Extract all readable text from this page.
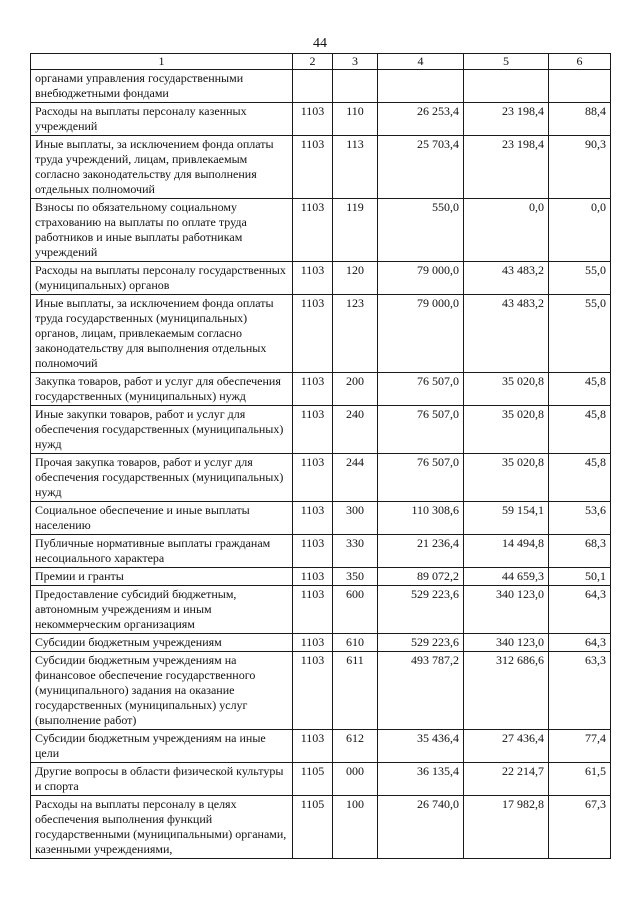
44
1	2	3	4	5	6
органами управления государственными внебюджетными фондами					
Расходы на выплаты персоналу казенных учреждений	1103	110	26 253,4	23 198,4	88,4
Иные выплаты, за исключением фонда оплаты труда учреждений, лицам, привлекаемым согласно законодательству для выполнения отдельных полномочий	1103	113	25 703,4	23 198,4	90,3
Взносы по обязательному социальному страхованию на выплаты по оплате труда работников и иные выплаты работникам учреждений	1103	119	550,0	0,0	0,0
Расходы на выплаты персоналу государственных (муниципальных) органов	1103	120	79 000,0	43 483,2	55,0
Иные выплаты, за исключением фонда оплаты труда государственных (муниципальных) органов, лицам, привлекаемым согласно законодательству для выполнения отдельных полномочий	1103	123	79 000,0	43 483,2	55,0
Закупка товаров, работ и услуг для обеспечения государственных (муниципальных) нужд	1103	200	76 507,0	35 020,8	45,8
Иные закупки товаров, работ и услуг для обеспечения государственных (муниципальных) нужд	1103	240	76 507,0	35 020,8	45,8
Прочая закупка товаров, работ и услуг для обеспечения государственных (муниципальных) нужд	1103	244	76 507,0	35 020,8	45,8
Социальное обеспечение и иные выплаты населению	1103	300	110 308,6	59 154,1	53,6
Публичные нормативные выплаты гражданам несоциального характера	1103	330	21 236,4	14 494,8	68,3
Премии и гранты	1103	350	89 072,2	44 659,3	50,1
Предоставление субсидий бюджетным, автономным учреждениям и иным некоммерческим организациям	1103	600	529 223,6	340 123,0	64,3
Субсидии бюджетным учреждениям	1103	610	529 223,6	340 123,0	64,3
Субсидии бюджетным учреждениям на финансовое обеспечение государственного (муниципального) задания на оказание государственных (муниципальных) услуг (выполнение работ)	1103	611	493 787,2	312 686,6	63,3
Субсидии бюджетным учреждениям на иные цели	1103	612	35 436,4	27 436,4	77,4
Другие вопросы в области физической культуры и спорта	1105	000	36 135,4	22 214,7	61,5
Расходы на выплаты персоналу в целях обеспечения выполнения функций государственными (муниципальными) органами, казенными учреждениями,	1105	100	26 740,0	17 982,8	67,3
